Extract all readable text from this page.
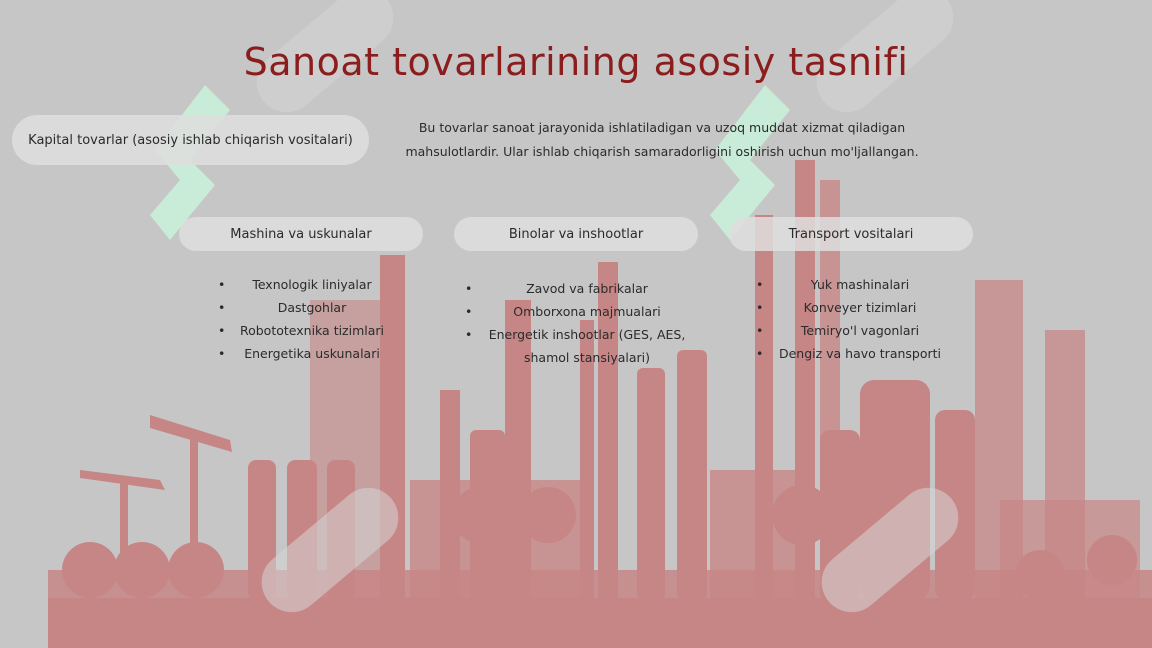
Sanoat tovarlarining asosiy tasnifi
Kapital tovarlar (asosiy ishlab chiqarish vositalari)

Bu tovarlar sanoat jarayonida ishlatiladigan va uzoq muddat xizmat qiladigan mahsulotlardir. Ular ishlab chiqarish samaradorligini oshirish uchun mo'ljallangan.

Mashina va uskunalar
• Texnologik liniyalar
• Dastgohlar
• Robototexnika tizimlari
• Energetika uskunalari
Binolar va inshootlar
• Zavod va fabrikalar
• Omborxona majmualari
• Energetik inshootlar (GES, AES, shamol stansiyalari)
Transport vositalari
• Yuk mashinalari
• Konveyer tizimlari
• Temiryo'l vagonlari
• Dengiz va havo transporti
